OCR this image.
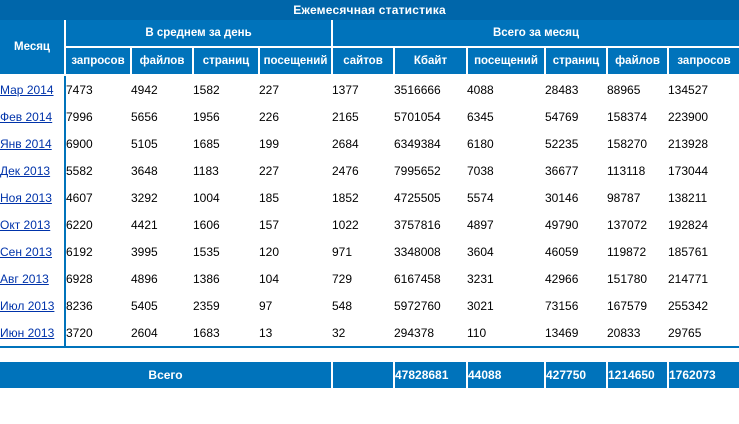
Ежемесячная статистика										
Месяц	В среднем за день				Всего за месяц					
	запросов	файлов	страниц	посещений	сайтов	Кбайт	посещений	страниц	файлов	запросов
Мар 2014	7473	4942	1582	227	1377	3516666	4088	28483	88965	134527
Фев 2014	7996	5656	1956	226	2165	5701054	6345	54769	158374	223900
Янв 2014	6900	5105	1685	199	2684	6349384	6180	52235	158270	213928
Дек 2013	5582	3648	1183	227	2476	7995652	7038	36677	113118	173044
Ноя 2013	4607	3292	1004	185	1852	4725505	5574	30146	98787	138211
Окт 2013	6220	4421	1606	157	1022	3757816	4897	49790	137072	192824
Сен 2013	6192	3995	1535	120	971	3348008	3604	46059	119872	185761
Авг 2013	6928	4896	1386	104	729	6167458	3231	42966	151780	214771
Июл 2013	8236	5405	2359	97	548	5972760	3021	73156	167579	255342
Июн 2013	3720	2604	1683	13	32	294378	110	13469	20833	29765

Всего						47828681	44088	427750	1214650	1762073
